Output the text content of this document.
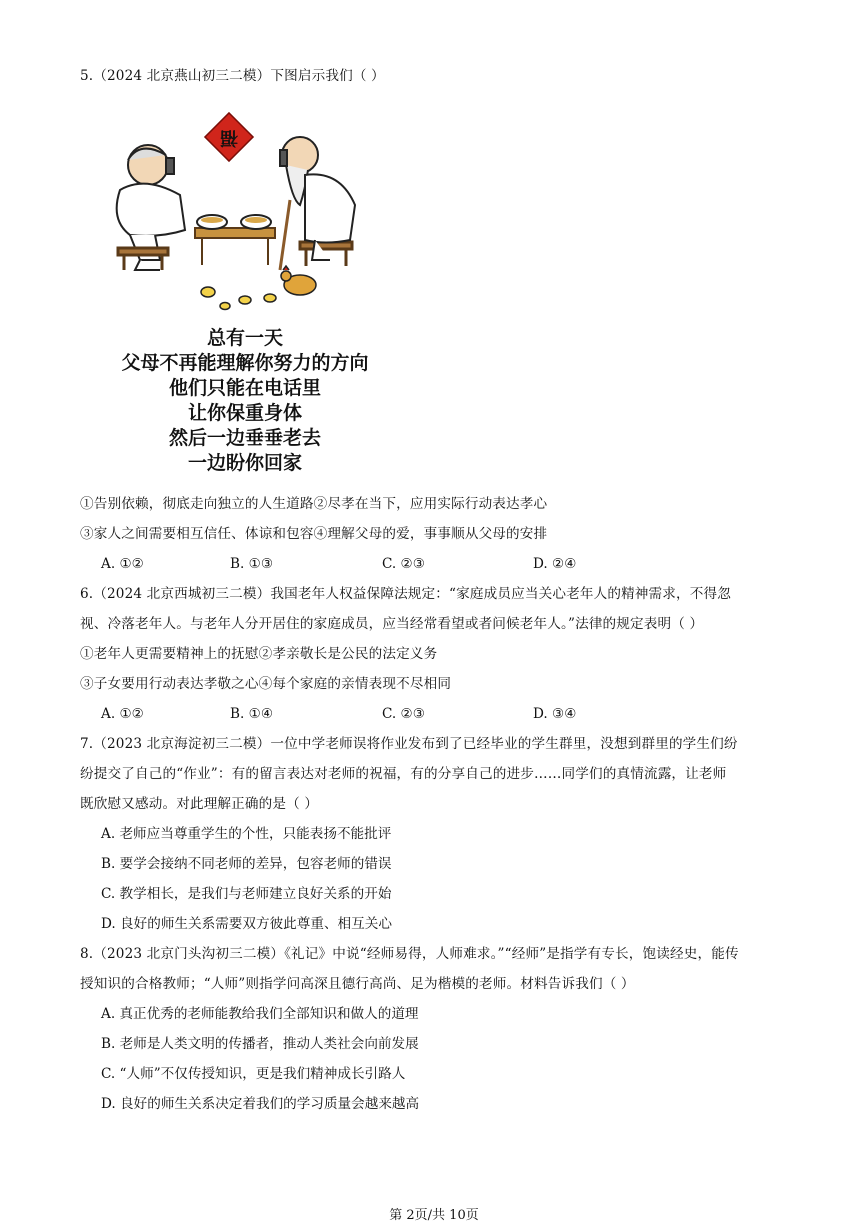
5.（2024 北京燕山初三二模）下图启示我们（ ）
福
总有一天
父母不再能理解你努力的方向
他们只能在电话里
让你保重身体
然后一边垂垂老去
一边盼你回家
①告别依赖，彻底走向独立的人生道路②尽孝在当下，应用实际行动表达孝心
③家人之间需要相互信任、体谅和包容④理解父母的爱，事事顺从父母的安排
A. ①②	B. ①③	C. ②③	D. ②④
6.（2024 北京西城初三二模）我国老年人权益保障法规定：“家庭成员应当关心老年人的精神需求，不得忽
视、冷落老年人。与老年人分开居住的家庭成员，应当经常看望或者问候老年人。”法律的规定表明（ ）
①老年人更需要精神上的抚慰②孝亲敬长是公民的法定义务
③子女要用行动表达孝敬之心④每个家庭的亲情表现不尽相同
A. ①②	B. ①④	C. ②③	D. ③④
7.（2023 北京海淀初三二模）一位中学老师误将作业发布到了已经毕业的学生群里，没想到群里的学生们纷
纷提交了自己的“作业”：有的留言表达对老师的祝福，有的分享自己的进步……同学们的真情流露，让老师
既欣慰又感动。对此理解正确的是（ ）
A. 老师应当尊重学生的个性，只能表扬不能批评
B. 要学会接纳不同老师的差异，包容老师的错误
C. 教学相长，是我们与老师建立良好关系的开始
D. 良好的师生关系需要双方彼此尊重、相互关心
8.（2023 北京门头沟初三二模）《礼记》中说“经师易得，人师难求。”“经师”是指学有专长，饱读经史，能传
授知识的合格教师；“人师”则指学问高深且德行高尚、足为楷模的老师。材料告诉我们（ ）
A. 真正优秀的老师能教给我们全部知识和做人的道理
B. 老师是人类文明的传播者，推动人类社会向前发展
C. “人师”不仅传授知识，更是我们精神成长引路人
D. 良好的师生关系决定着我们的学习质量会越来越高
第 2页/共 10页
